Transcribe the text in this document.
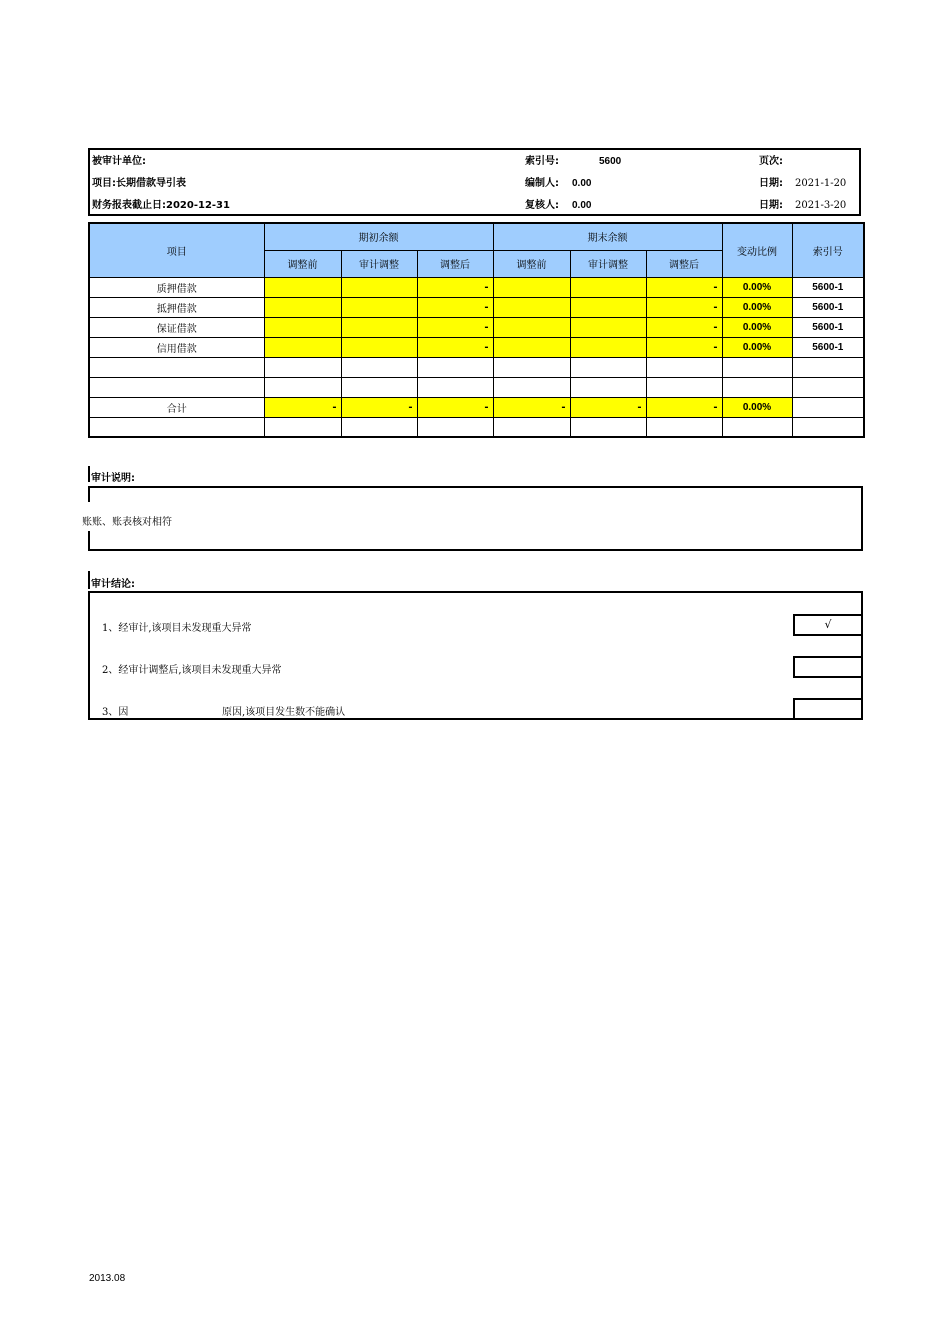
被审计单位:	索引号:	5600	页次:
项目:长期借款导引表	编制人: 0.00	日期: 2021-1-20
财务报表截止日:2020-12-31	复核人: 0.00	日期: 2021-3-20
项目	期初余额			期末余额			变动比例	索引号
	调整前	审计调整	调整后	调整前	审计调整	调整后		
质押借款			-			-	0.00%	5600-1
抵押借款			-			-	0.00%	5600-1
保证借款			-			-	0.00%	5600-1
信用借款			-			-	0.00%	5600-1

合计	-	-	-	-	-	-	0.00%	

审计说明:
账账、账表核对相符
审计结论:
1、经审计,该项目未发现重大异常	√
2、经审计调整后,该项目未发现重大异常
3、因	原因,该项目发生数不能确认
2013.08
